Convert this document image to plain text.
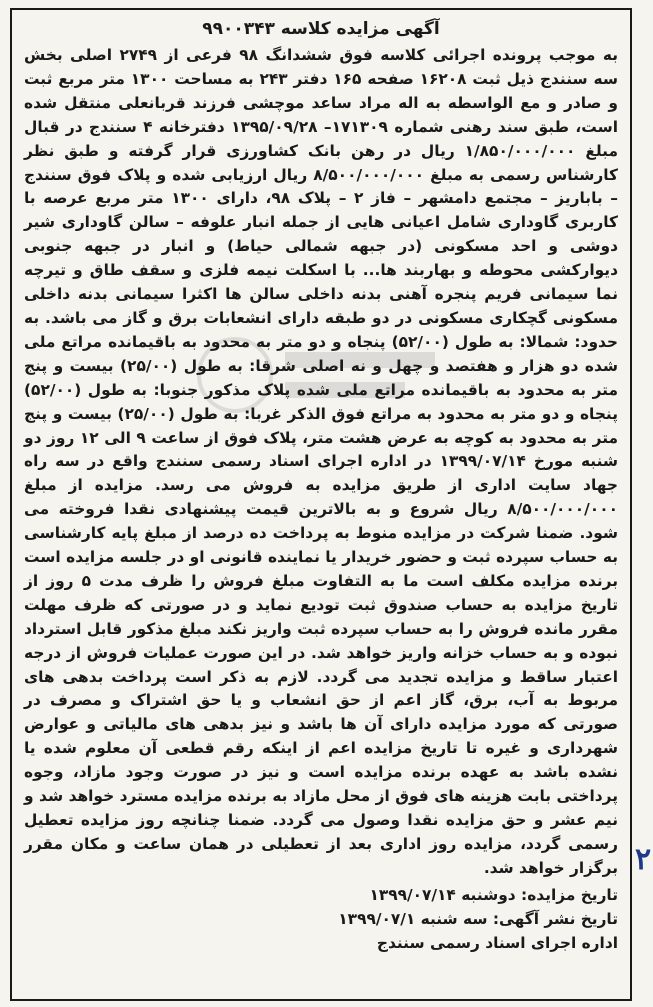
آگهی مزایده کلاسه ۹۹۰۰۳۴۳

به موجب پرونده اجرائی کلاسه فوق ششدانگ ۹۸ فرعی از ۲۷۴۹ اصلی بخش سه سنندج ذیل ثبت ۱۶۲۰۸ صفحه ۱۶۵ دفتر ۲۴۳ به مساحت ۱۳۰۰ متر مربع ثبت و صادر و مع الواسطه به اله مراد ساعد موچشی فرزند قربانعلی منتقل شده است، طبق سند رهنی شماره ۱۷۱۳۰۹– ۱۳۹۵/۰۹/۲۸ دفترخانه ۴ سنندج در قبال مبلغ ۱/۸۵۰/۰۰۰/۰۰۰ ریال در رهن بانک کشاورزی قرار گرفته و طبق نظر کارشناس رسمی به مبلغ ۸/۵۰۰/۰۰۰/۰۰۰ ریال ارزیابی شده و پلاک فوق سنندج – باباریز – مجتمع دامشهر – فاز ۲ – پلاک ۹۸، دارای ۱۳۰۰ متر مربع عرصه با کاربری گاوداری شامل اعیانی هایی از جمله انبار علوفه – سالن گاوداری شیر دوشی و احد مسکونی (در جبهه شمالی حیاط) و انبار در جبهه جنوبی دیوارکشی محوطه و بهاربند ها... با اسکلت نیمه فلزی و سقف طاق و تیرچه نما سیمانی فریم پنجره آهنی بدنه داخلی سالن ها اکثرا سیمانی بدنه داخلی مسکونی گچکاری مسکونی در دو طبقه دارای انشعابات برق و گاز می باشد. به حدود: شمالا: به طول (۵۲/۰۰) پنجاه و دو متر به محدود به باقیمانده مراتع ملی شده دو هزار و هفتصد و چهل و نه اصلی شرقا: به طول (۲۵/۰۰) بیست و پنج متر به محدود به باقیمانده مراتع ملی شده پلاک مذکور جنوبا: به طول (۵۲/۰۰) پنجاه و دو متر به محدود به مراتع فوق الذکر غربا: به طول (۲۵/۰۰) بیست و پنج متر به محدود به کوچه به عرض هشت متر، پلاک فوق از ساعت ۹ الی ۱۲ روز دو شنبه مورخ ۱۳۹۹/۰۷/۱۴ در اداره اجرای اسناد رسمی سنندج واقع در سه راه جهاد سایت اداری از طریق مزایده به فروش می رسد. مزایده از مبلغ ۸/۵۰۰/۰۰۰/۰۰۰ ریال شروع و به بالاترین قیمت پیشنهادی نقدا فروخته می شود. ضمنا شرکت در مزایده منوط به پرداخت ده درصد از مبلغ پایه کارشناسی به حساب سپرده ثبت و حضور خریدار یا نماینده قانونی او در جلسه مزایده است برنده مزایده مکلف است ما به التفاوت مبلغ فروش را ظرف مدت ۵ روز از تاریخ مزایده به حساب صندوق ثبت تودیع نماید و در صورتی که ظرف مهلت مقرر مانده فروش را به حساب سپرده ثبت واریز نکند مبلغ مذکور قابل استرداد نبوده و به حساب خزانه واریز خواهد شد. در این صورت عملیات فروش از درجه اعتبار ساقط و مزایده تجدید می گردد. لازم به ذکر است پرداخت بدهی های مربوط به آب، برق، گاز اعم از حق انشعاب و یا حق اشتراک و مصرف در صورتی که مورد مزایده دارای آن ها باشد و نیز بدهی های مالیاتی و عوارض شهرداری و غیره تا تاریخ مزایده اعم از اینکه رقم قطعی آن معلوم شده یا نشده باشد به عهده برنده مزایده است و نیز در صورت وجود مازاد، وجوه پرداختی بابت هزینه های فوق از محل مازاد به برنده مزایده مسترد خواهد شد و نیم عشر و حق مزایده نقدا وصول می گردد. ضمنا چنانچه روز مزایده تعطیل رسمی گردد، مزایده روز اداری بعد از تعطیلی در همان ساعت و مکان مقرر برگزار خواهد شد.

تاریخ مزایده: دوشنبه ۱۳۹۹/۰۷/۱۴
تاریخ نشر آگهی: سه شنبه ۱۳۹۹/۰۷/۱
اداره اجرای اسناد رسمی سنندج
۲
